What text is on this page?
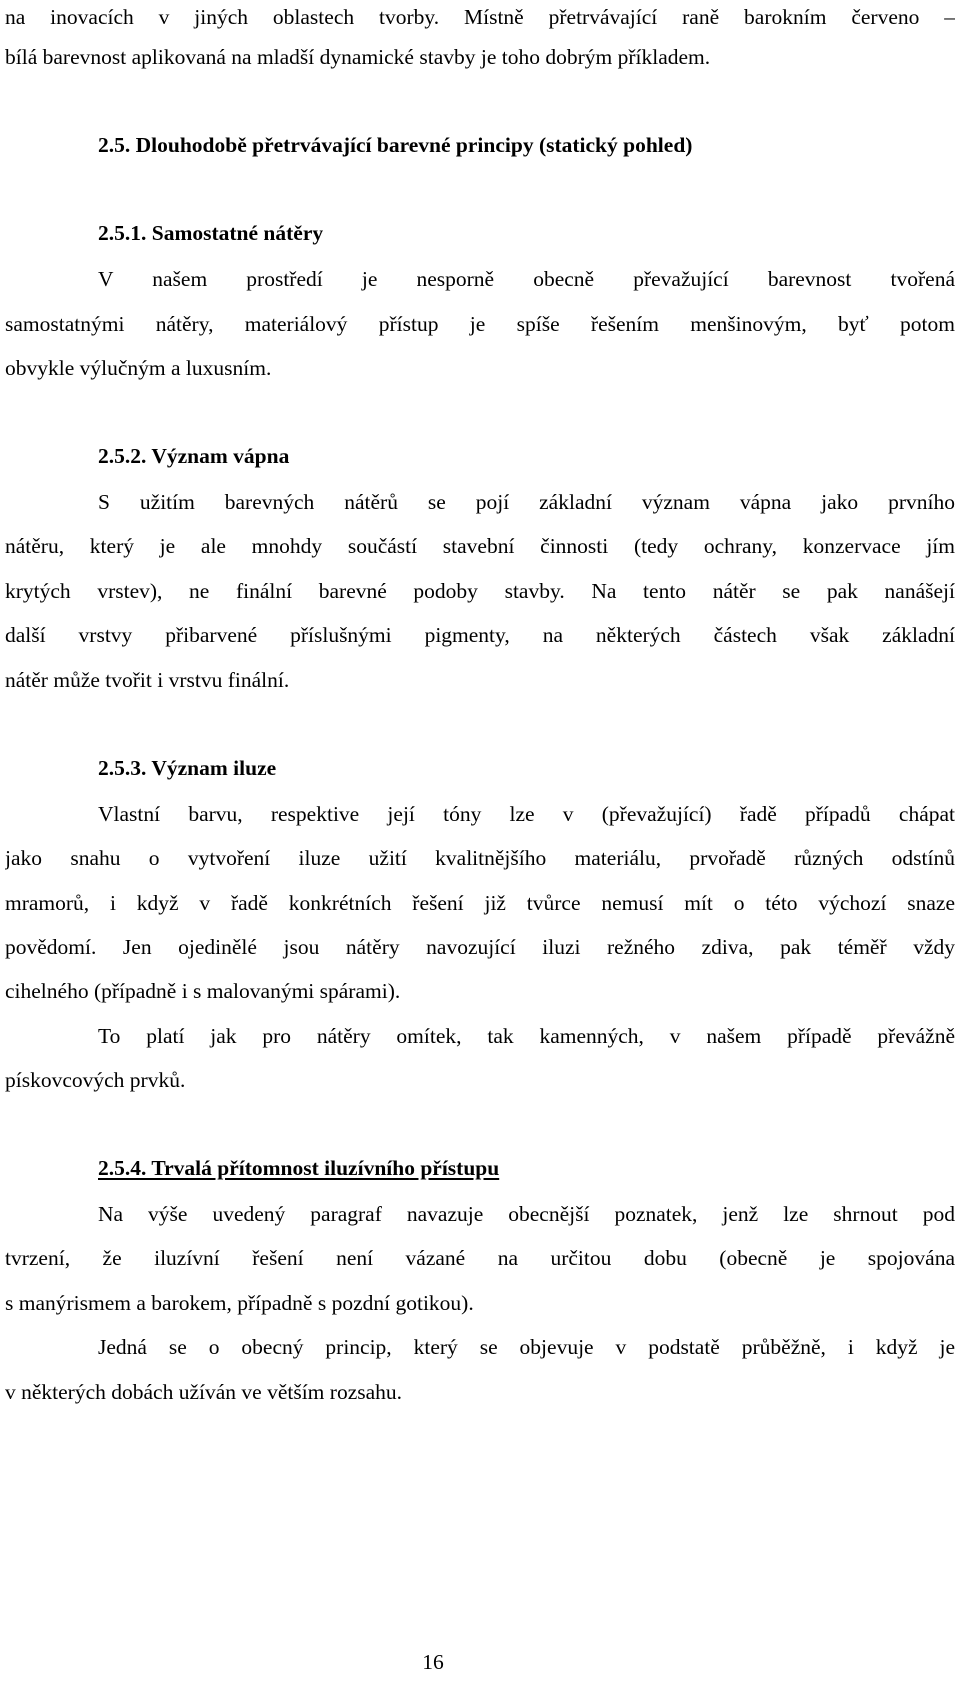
na inovacích v jiných oblastech tvorby. Místně přetrvávající raně barokním červeno –
bílá barevnost aplikovaná na mladší dynamické stavby je toho dobrým příkladem.
2.5. Dlouhodobě přetrvávající barevné principy (statický pohled)
2.5.1. Samostatné nátěry
V našem prostředí je nesporně obecně převažující barevnost tvořená
samostatnými nátěry, materiálový přístup je spíše řešením menšinovým, byť potom
obvykle výlučným a luxusním.
2.5.2. Význam vápna
S užitím barevných nátěrů se pojí základní význam vápna jako prvního
nátěru, který je ale mnohdy součástí stavební činnosti (tedy ochrany, konzervace jím
krytých vrstev), ne finální barevné podoby stavby. Na tento nátěr se pak nanášejí
další vrstvy přibarvené příslušnými pigmenty, na některých částech však základní
nátěr může tvořit i vrstvu finální.
2.5.3. Význam iluze
Vlastní barvu, respektive její tóny lze v (převažující) řadě případů chápat
jako snahu o vytvoření iluze užití kvalitnějšího materiálu, prvořadě různých odstínů
mramorů, i když v řadě konkrétních řešení již tvůrce nemusí mít o této výchozí snaze
povědomí. Jen ojedinělé jsou nátěry navozující iluzi režného zdiva, pak téměř vždy
cihelného (případně i s malovanými spárami).
To platí jak pro nátěry omítek, tak kamenných, v našem případě převážně
pískovcových prvků.
2.5.4. Trvalá přítomnost iluzívního přístupu
Na výše uvedený paragraf navazuje obecnější poznatek, jenž lze shrnout pod
tvrzení, že iluzívní řešení není vázané na určitou dobu (obecně je spojována
s manýrismem a barokem, případně s pozdní gotikou).
Jedná se o obecný princip, který se objevuje v podstatě průběžně, i když je
v některých dobách užíván ve větším rozsahu.
16
